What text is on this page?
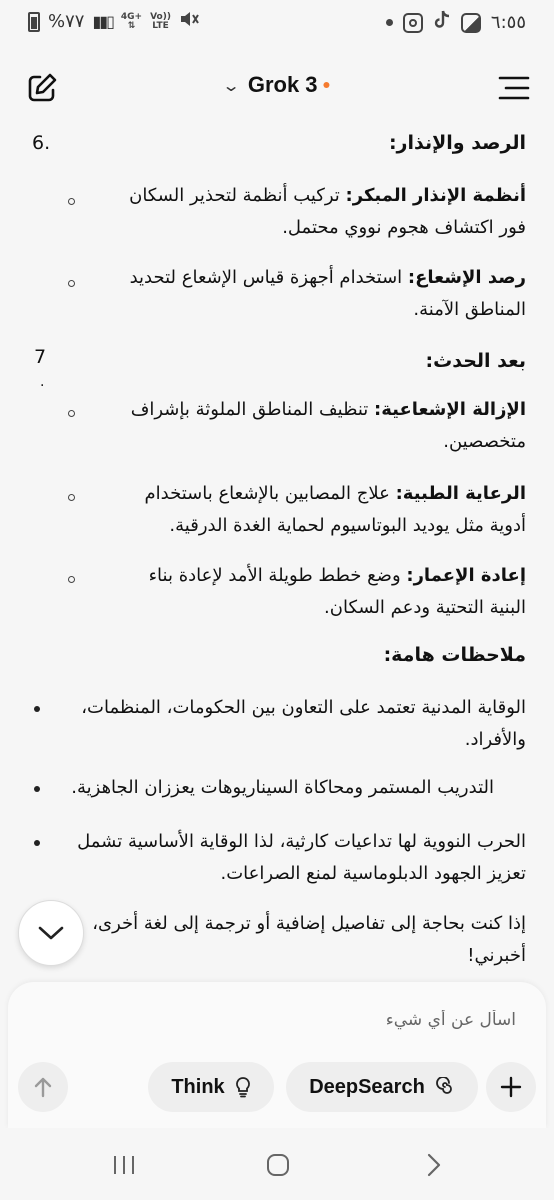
%٧٧ ▮▮▯ 4G+
⇅
Vo))
LTE	٦:٥٥
⌄ Grok 3
الرصد والإنذار:
6.
أنظمة الإنذار المبكر: تركيب أنظمة لتحذير السكان فور اكتشاف هجوم نووي محتمل.
رصد الإشعاع: استخدام أجهزة قياس الإشعاع لتحديد المناطق الآمنة.
بعد الحدث:
7
.
الإزالة الإشعاعية: تنظيف المناطق الملوثة بإشراف متخصصين.
الرعاية الطبية: علاج المصابين بالإشعاع باستخدام أدوية مثل يوديد البوتاسيوم لحماية الغدة الدرقية.
إعادة الإعمار: وضع خطط طويلة الأمد لإعادة بناء البنية التحتية ودعم السكان.
ملاحظات هامة:
الوقاية المدنية تعتمد على التعاون بين الحكومات، المنظمات، والأفراد.
التدريب المستمر ومحاكاة السيناريوهات يعززان الجاهزية.
الحرب النووية لها تداعيات كارثية، لذا الوقاية الأساسية تشمل تعزيز الجهود الدبلوماسية لمنع الصراعات.
إذا كنت بحاجة إلى تفاصيل إضافية أو ترجمة إلى لغة أخرى، أخبرني!
اسأل عن أي شيء
Think	DeepSearch
